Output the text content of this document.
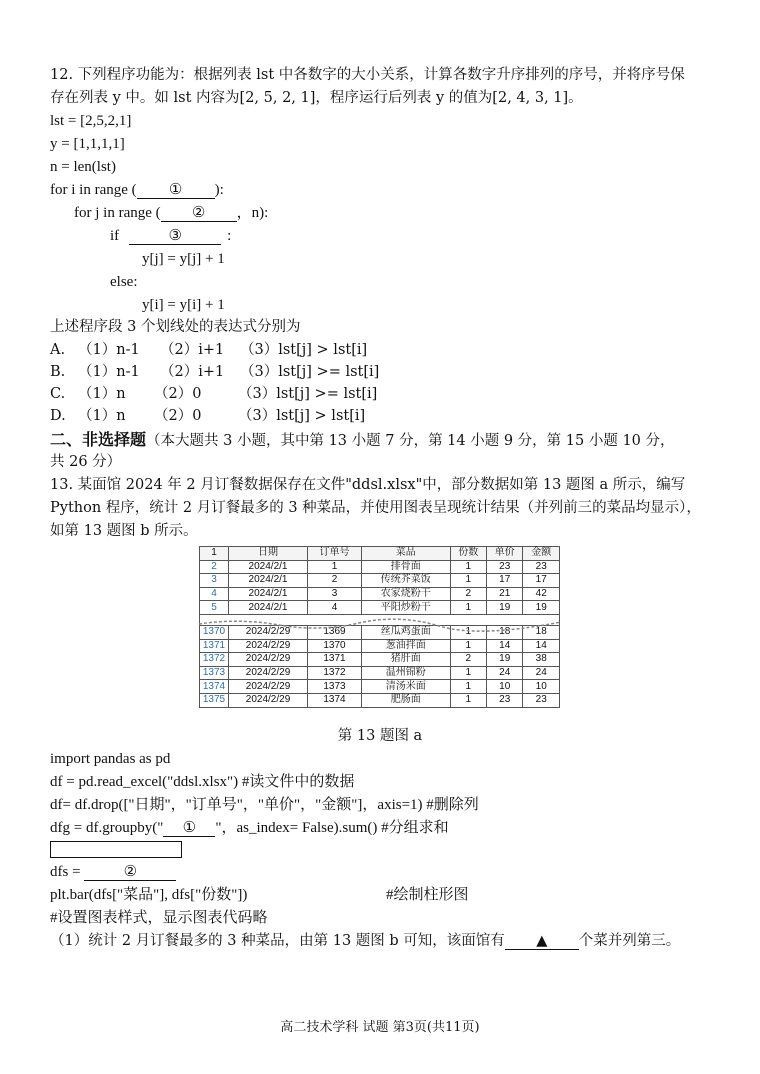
12. 下列程序功能为：根据列表 lst 中各数字的大小关系，计算各数字升序排列的序号，并将序号保
存在列表 y 中。如 lst 内容为[2, 5, 2, 1]，程序运行后列表 y 的值为[2, 4, 3, 1]。
lst = [2,5,2,1]
y = [1,1,1,1]
n = len(lst)
for i in range ( ① ):
for j in range ( ② ，n):
if	③	:
y[j] = y[j] + 1
else:
y[i] = y[i] + 1
上述程序段 3 个划线处的表达式分别为
A. （1）n-1 （2）i+1 （3）lst[j] > lst[i]
B. （1）n-1 （2）i+1 （3）lst[j] >= lst[i]
C. （1）n （2）0	（3）lst[j] >= lst[i]
D. （1）n （2）0	（3）lst[j] > lst[i]
二、非选择题（本大题共 3 小题，其中第 13 小题 7 分，第 14 小题 9 分，第 15 小题 10 分，
共 26 分）
13. 某面馆 2024 年 2 月订餐数据保存在文件"ddsl.xlsx"中，部分数据如第 13 题图 a 所示，编写
Python 程序，统计 2 月订餐最多的 3 种菜品，并使用图表呈现统计结果（并列前三的菜品均显示），
如第 13 题图 b 所示。
1	日期	订单号	菜品	份数	单价	金额
2	2024/2/1	1	排骨面	1	23	23
3	2024/2/1	2	传统芥菜饭	1	17	17
4	2024/2/1	3	农家烧粉干	2	21	42
5	2024/2/1	4	平阳炒粉干	1	19	19

1370	2024/2/29	1369	丝瓜鸡蛋面	1	18	18
1371	2024/2/29	1370	葱油拌面	1	14	14
1372	2024/2/29	1371	猪肝面	2	19	38
1373	2024/2/29	1372	温州锦粉	1	24	24
1374	2024/2/29	1373	清汤米面	1	10	10
1375	2024/2/29	1374	肥肠面	1	23	23
第 13 题图 a
import pandas as pd
df = pd.read_excel("ddsl.xlsx") #读文件中的数据
df= df.drop(["日期"，"订单号"，"单价"，"金额"]，axis=1) #删除列
dfg = df.groupby(" ① "，as_index= False).sum() #分组求和
dfs =	②
plt.bar(dfs["菜品"], dfs["份数"])	#绘制柱形图
#设置图表样式，显示图表代码略
（1）统计 2 月订餐最多的 3 种菜品，由第 13 题图 b 可知，该面馆有 ▲ 个菜并列第三。
高二技术学科 试题 第3页(共11页)
